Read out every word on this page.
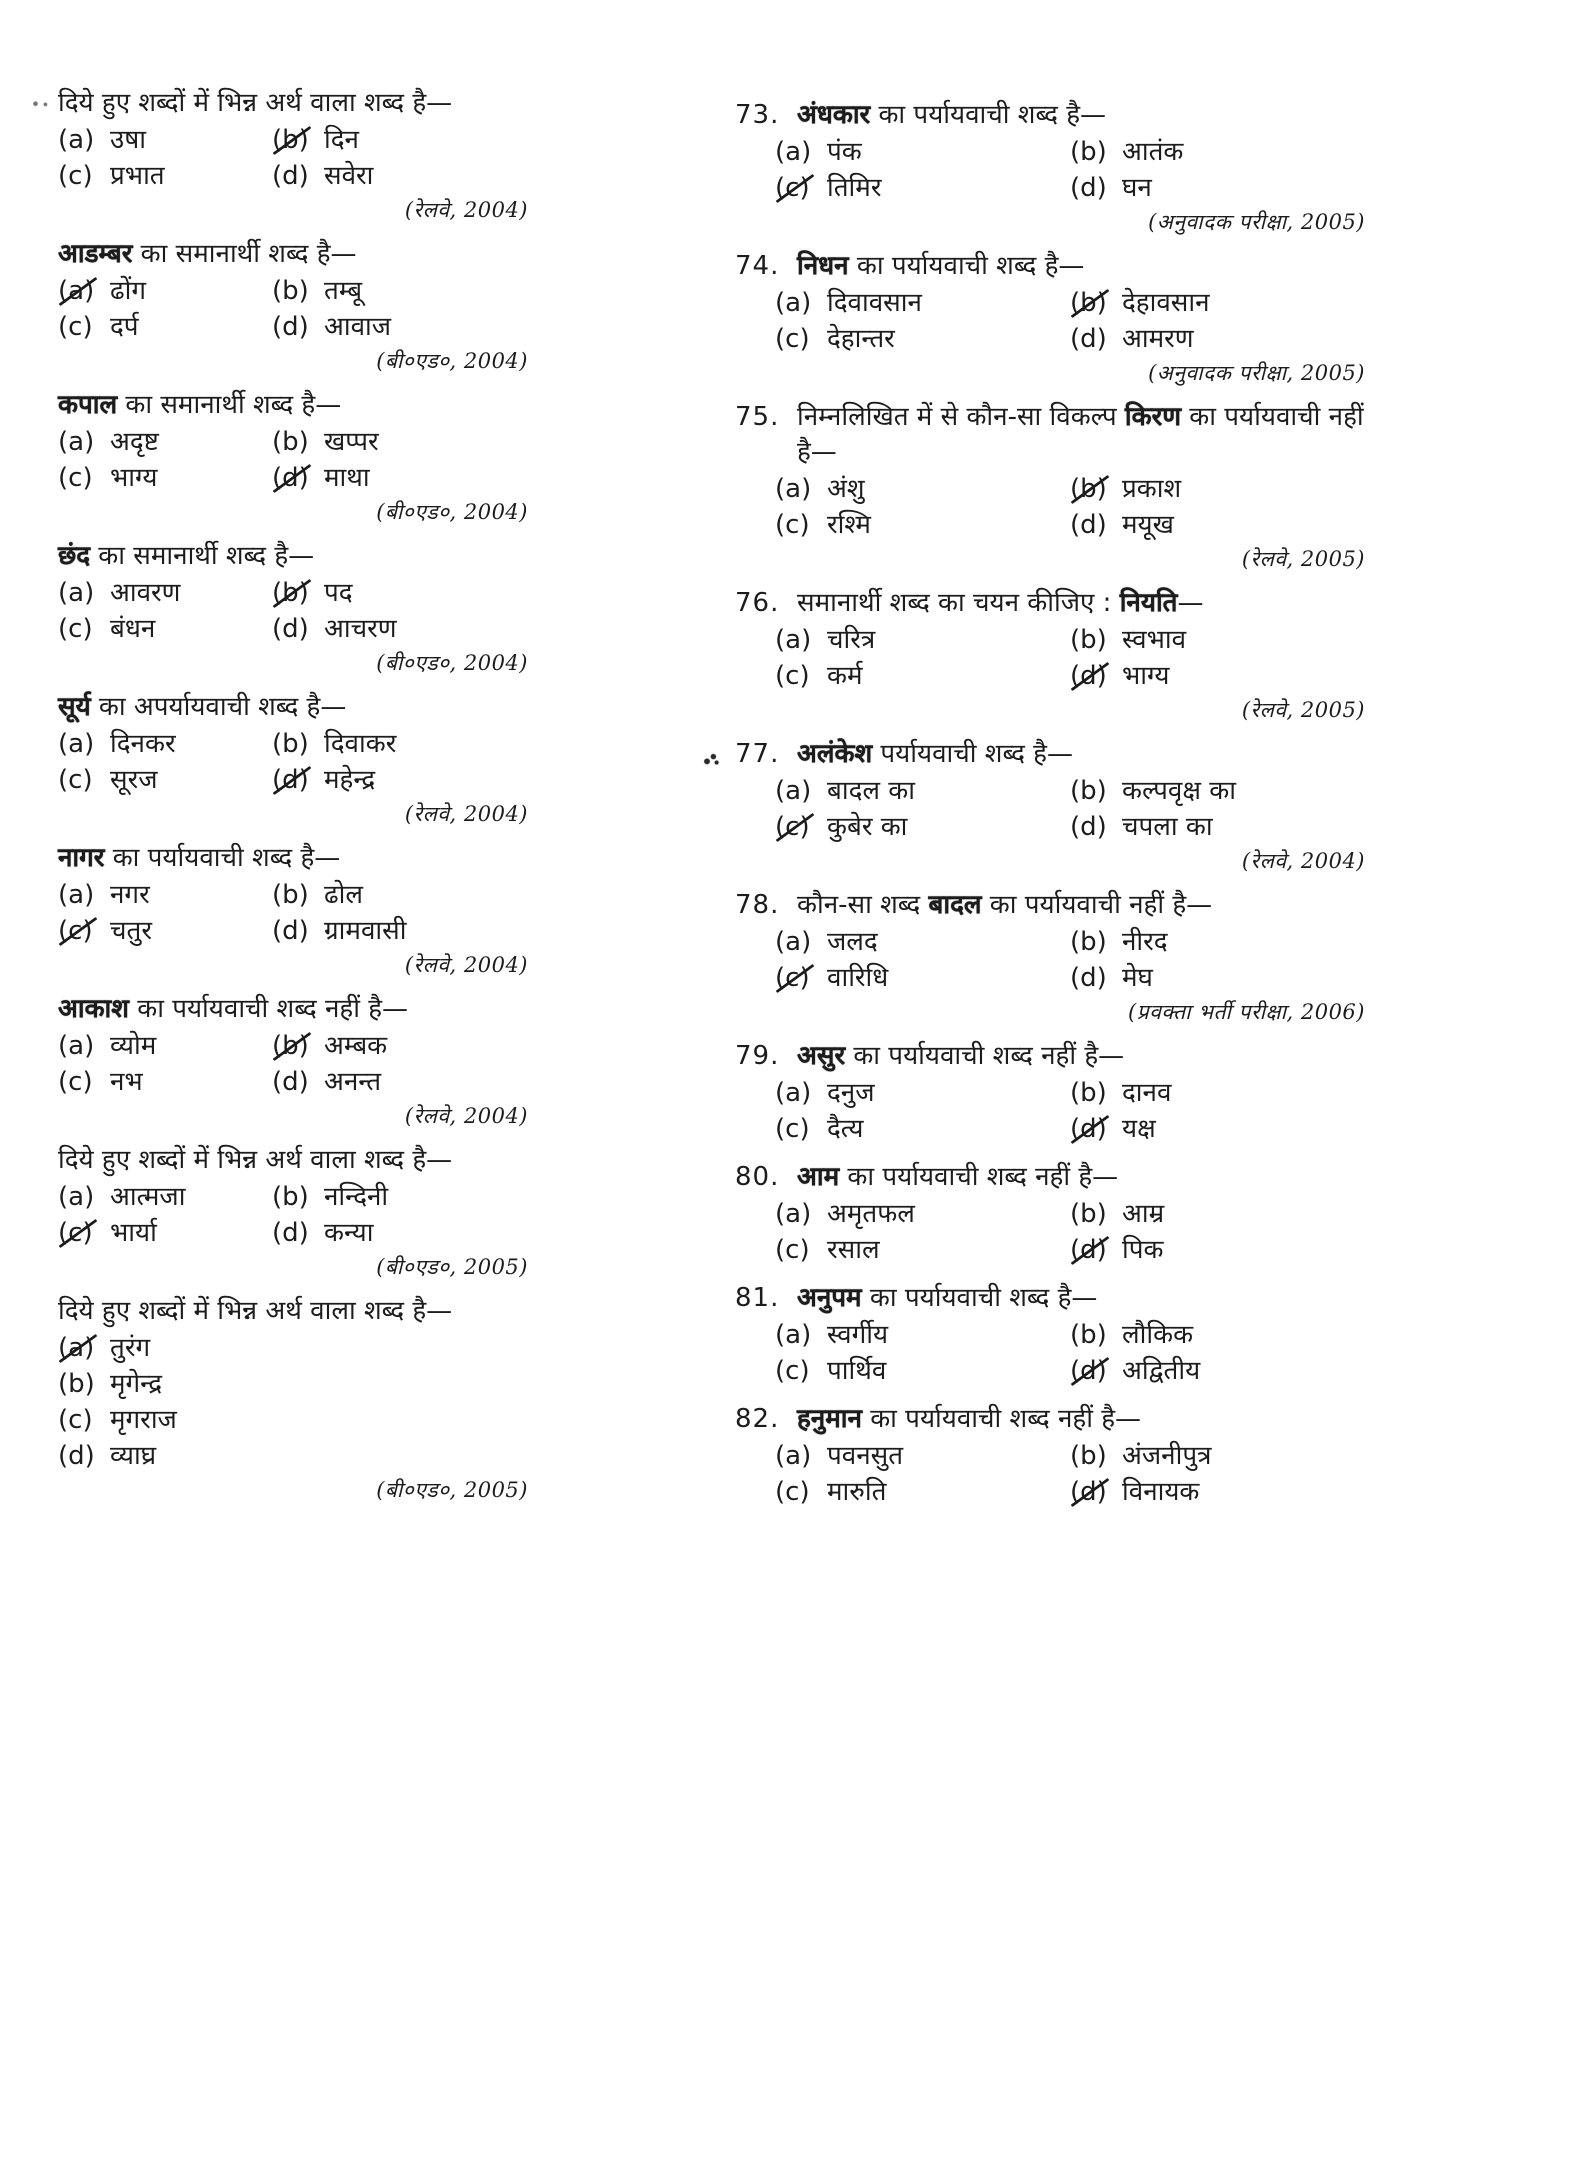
दिये हुए शब्दों में भिन्न अर्थ वाला शब्द है—
(a) उषा	(b) दिन
(c) प्रभात	(d) सवेरा
(रेलवे, 2004)
आडम्बर का समानार्थी शब्द है—
(a) ढोंग	(b) तम्बू
(c) दर्प	(d) आवाज
(बी०एड०, 2004)
कपाल का समानार्थी शब्द है—
(a) अदृष्ट	(b) खप्पर
(c) भाग्य	(d) माथा
(बी०एड०, 2004)
छंद का समानार्थी शब्द है—
(a) आवरण	(b) पद
(c) बंधन	(d) आचरण
(बी०एड०, 2004)
सूर्य का अपर्यायवाची शब्द है—
(a) दिनकर	(b) दिवाकर
(c) सूरज	(d) महेन्द्र
(रेलवे, 2004)
नागर का पर्यायवाची शब्द है—
(a) नगर	(b) ढोल
(c) चतुर	(d) ग्रामवासी
(रेलवे, 2004)
आकाश का पर्यायवाची शब्द नहीं है—
(a) व्योम	(b) अम्बक
(c) नभ	(d) अनन्त
(रेलवे, 2004)
दिये हुए शब्दों में भिन्न अर्थ वाला शब्द है—
(a) आत्मजा	(b) नन्दिनी
(c) भार्या	(d) कन्या
(बी०एड०, 2005)
दिये हुए शब्दों में भिन्न अर्थ वाला शब्द है—
(a) तुरंग
(b) मृगेन्द्र
(c) मृगराज
(d) व्याघ्र
(बी०एड०, 2005)
73. अंधकार का पर्यायवाची शब्द है—
(a) पंक	(b) आतंक
(c) तिमिर	(d) घन
(अनुवादक परीक्षा, 2005)
74. निधन का पर्यायवाची शब्द है—
(a) दिवावसान	(b) देहावसान
(c) देहान्तर	(d) आमरण
(अनुवादक परीक्षा, 2005)
75. निम्नलिखित में से कौन-सा विकल्प किरण का पर्यायवाची नहीं है—
(a) अंशु	(b) प्रकाश
(c) रश्मि	(d) मयूख
(रेलवे, 2005)
76. समानार्थी शब्द का चयन कीजिए : नियति—
(a) चरित्र	(b) स्वभाव
(c) कर्म	(d) भाग्य
(रेलवे, 2005)
77. अलंकेश पर्यायवाची शब्द है—
(a) बादल का	(b) कल्पवृक्ष का
(c) कुबेर का	(d) चपला का
(रेलवे, 2004)
78. कौन-सा शब्द बादल का पर्यायवाची नहीं है—
(a) जलद	(b) नीरद
(c) वारिधि	(d) मेघ
(प्रवक्ता भर्ती परीक्षा, 2006)
79. असुर का पर्यायवाची शब्द नहीं है—
(a) दनुज	(b) दानव
(c) दैत्य	(d) यक्ष
80. आम का पर्यायवाची शब्द नहीं है—
(a) अमृतफल	(b) आम्र
(c) रसाल	(d) पिक
81. अनुपम का पर्यायवाची शब्द है—
(a) स्वर्गीय	(b) लौकिक
(c) पार्थिव	(d) अद्वितीय
82. हनुमान का पर्यायवाची शब्द नहीं है—
(a) पवनसुत	(b) अंजनीपुत्र
(c) मारुति	(d) विनायक
